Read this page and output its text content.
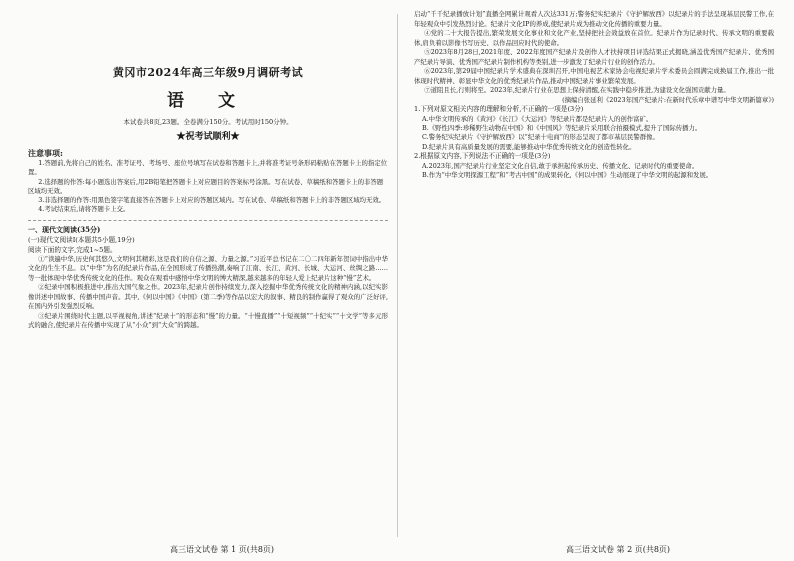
黄冈市2024年高三年级9月调研考试
语 文
本试卷共8页,23题。全卷满分150分。考试用时150分钟。
★祝考试顺利★
注意事项:

1.答题前,先将自己的姓名、准考证号、考场号、座位号填写在试卷和答题卡上,并将准考证号条形码粘贴在答题卡上的指定位置。

2.选择题的作答:每小题选出答案后,用2B铅笔把答题卡上对应题目的答案标号涂黑。写在试卷、草稿纸和答题卡上的非答题区域均无效。

3.非选择题的作答:用黑色签字笔直接答在答题卡上对应的答题区域内。写在试卷、草稿纸和答题卡上的非答题区域均无效。

4.考试结束后,请将答题卡上交。

一、现代文阅读(35分)
(一)现代文阅读Ⅰ(本题共5小题,19分)
阅读下面的文字,完成1~5题。

①“读遍中华,历史何其悠久,文明何其精彩,这是我们的自信之源、力量之源。”习近平总书记在二〇二四年新年贺词中指出中华文化的生生不息。以“中华”为名的纪录片作品,在全国形成了传播热潮,奏响了江南、长江、黄河、长城、大运河、丝绸之路……等一批体现中华优秀传统文化的佳作。观众在观看中感悟中华文明的博大精深,越来越多的年轻人爱上纪录片这种“慢”艺术。

②纪录中国积极推进中,推出大国气象之作。2023年,纪录片创作持续发力,深入挖掘中华优秀传统文化的精神内涵,以纪实影像讲述中国故事、传播中国声音。其中,《何以中国》《中国》(第二季)等作品以宏大的叙事、精良的制作赢得了观众的广泛好评,在国内外引发强烈反响。

③纪录片围绕时代主题,以平视视角,讲述“纪录十”的形态和“慢”的力量。“十慢直播”“十短视频”“十纪实”“十文学”等多元形式的融合,使纪录片在传播中实现了从“小众”到“大众”的跨越。

启动“千千纪录播放计划”直播全网累计观看人次达331万;警务纪实纪录片《守护解放西》以纪录片的手法呈现基层民警工作,在年轻观众中引发热烈讨论。纪录片文化IP的养成,使纪录片成为推动文化传播的重要力量。

④党的二十大报告提出,繁荣发展文化事业和文化产业,坚持把社会效益放在首位。纪录片作为记录时代、传承文明的重要载体,肩负着以影像书写历史、以作品回应时代的使命。

⑤2023年8月28日,2021年度、2022年度国产纪录片及创作人才扶持项目评选结果正式揭晓,涵盖优秀国产纪录片、优秀国产纪录片导演、优秀国产纪录片制作机构等类别,进一步激发了纪录片行业的创作活力。

⑥2023年,第29届中国纪录片学术盛典在深圳召开,中国电视艺术家协会电视纪录片学术委员会圆满完成换届工作,推出一批体现时代精神、彰显中华文化的优秀纪录片作品,推动中国纪录片事业繁荣发展。

⑦道阻且长,行则将至。2023年,纪录片行业在思想上保持清醒,在实践中稳步推进,为建设文化强国贡献力量。

(摘编自张延利《2023年国产纪录片:在新时代乐章中谱写中华文明新篇章》)

1.下列对原文相关内容的理解和分析,不正确的一项是(3分)

A.中华文明传承的《黄河》《长江》《大运河》等纪录片都是纪录片人的创作富矿。

B.《野性四季:珍稀野生动物在中国》和《中国风》等纪录片采用联合拍摄模式,提升了国际传播力。

C.警务纪实纪录片《守护解放西》以“纪录十电商”的形态呈现了都市基层民警群像。

D.纪录片具有高质量发展的需要,能够推动中华优秀传统文化的创造性转化。

2.根据原文内容,下列说法不正确的一项是(3分)

A.2023年,国产纪录片行业坚定文化自信,敢于承担起传承历史、传播文化、记录时代的重要使命。

B.作为“中华文明探源工程”和“考古中国”的成果转化,《何以中国》生动展现了中华文明的起源和发展。

高三语文试卷 第 1 页(共8页)	高三语文试卷 第 2 页(共8页)
